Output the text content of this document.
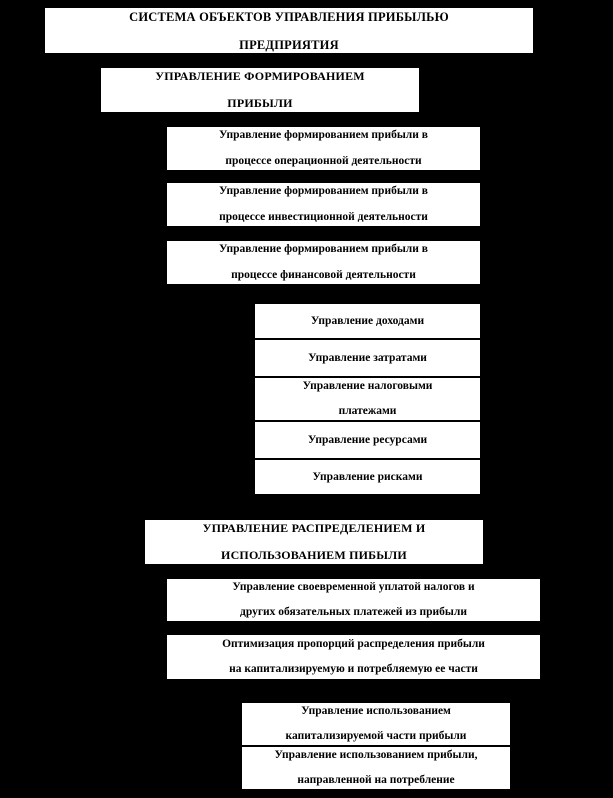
СИСТЕМА ОБЪЕКТОВ УПРАВЛЕНИЯ ПРИБЫЛЬЮ

ПРЕДПРИЯТИЯ
УПРАВЛЕНИЕ ФОРМИРОВАНИЕМ

ПРИБЫЛИ
Управление формированием прибыли в

процессе операционной деятельности
Управление формированием прибыли в

процессе инвестиционной деятельности
Управление формированием прибыли в

процессе финансовой деятельности
Управление доходами
Управление затратами
Управление налоговыми

платежами
Управление ресурсами
Управление рисками
УПРАВЛЕНИЕ РАСПРЕДЕЛЕНИЕМ И

ИСПОЛЬЗОВАНИЕМ ПИБЫЛИ
Управление своевременной уплатой налогов и

других обязательных платежей из прибыли
Оптимизация пропорций распределения прибыли

на капитализируемую и потребляемую ее части
Управление использованием

капитализируемой части прибыли
Управление использованием прибыли,

направленной на потребление
